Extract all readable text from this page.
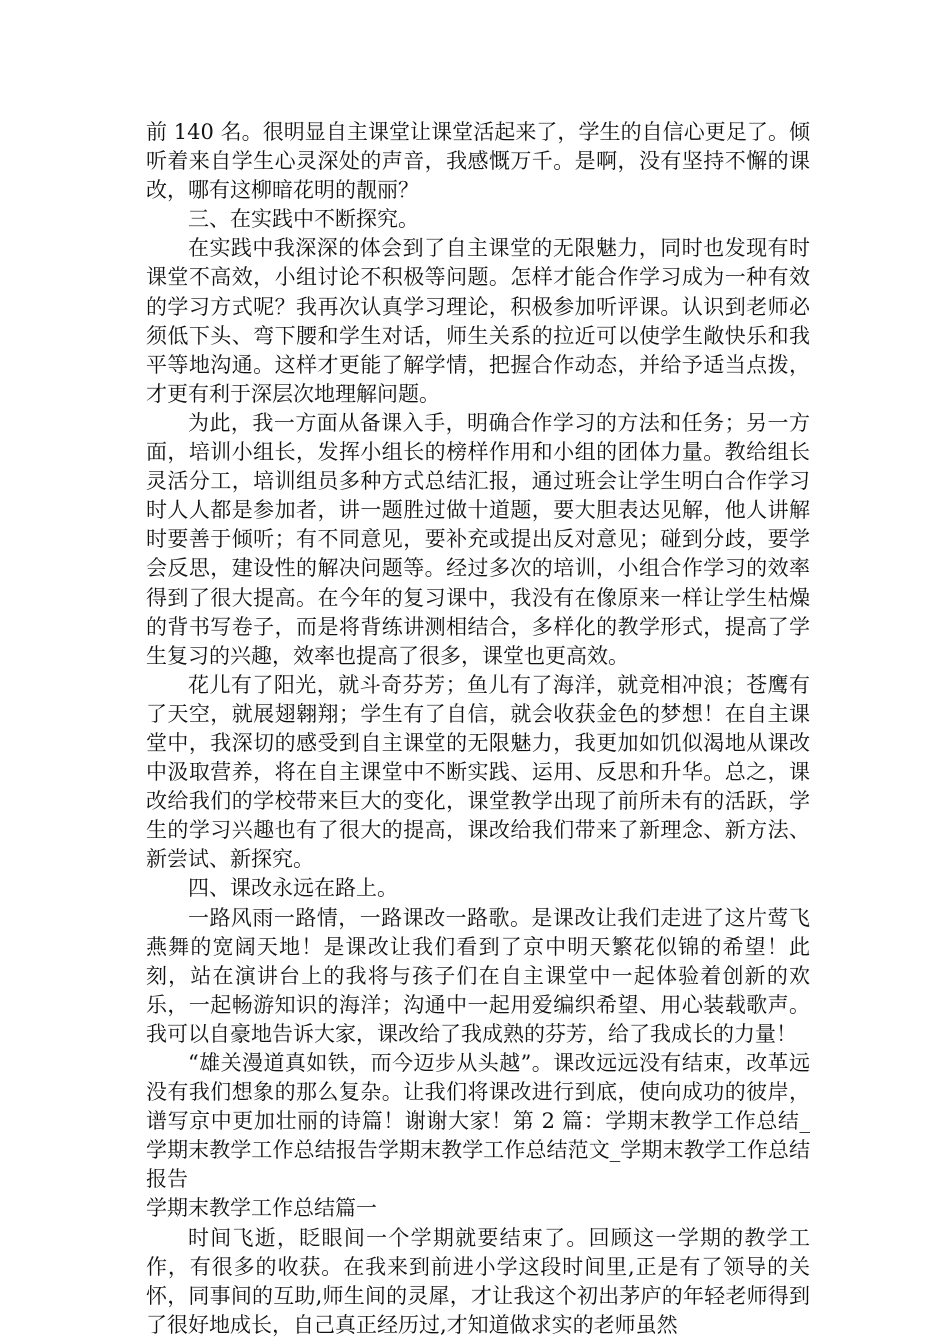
前 140 名。很明显自主课堂让课堂活起来了，学生的自信心更足了。倾听着来自学生心灵深处的声音，我感慨万千。是啊，没有坚持不懈的课改，哪有这柳暗花明的靓丽？

三、在实践中不断探究。

在实践中我深深的体会到了自主课堂的无限魅力，同时也发现有时课堂不高效，小组讨论不积极等问题。怎样才能合作学习成为一种有效的学习方式呢？我再次认真学习理论，积极参加听评课。认识到老师必须低下头、弯下腰和学生对话，师生关系的拉近可以使学生敞快乐和我平等地沟通。这样才更能了解学情，把握合作动态，并给予适当点拨，才更有利于深层次地理解问题。

为此，我一方面从备课入手，明确合作学习的方法和任务；另一方面，培训小组长，发挥小组长的榜样作用和小组的团体力量。教给组长灵活分工，培训组员多种方式总结汇报，通过班会让学生明白合作学习时人人都是参加者，讲一题胜过做十道题，要大胆表达见解，他人讲解时要善于倾听；有不同意见，要补充或提出反对意见；碰到分歧，要学会反思，建设性的解决问题等。经过多次的培训，小组合作学习的效率得到了很大提高。在今年的复习课中，我没有在像原来一样让学生枯燥的背书写卷子，而是将背练讲测相结合，多样化的教学形式，提高了学生复习的兴趣，效率也提高了很多，课堂也更高效。

花儿有了阳光，就斗奇芬芳；鱼儿有了海洋，就竞相冲浪；苍鹰有了天空，就展翅翱翔；学生有了自信，就会收获金色的梦想！在自主课堂中，我深切的感受到自主课堂的无限魅力，我更加如饥似渴地从课改中汲取营养，将在自主课堂中不断实践、运用、反思和升华。总之，课改给我们的学校带来巨大的变化，课堂教学出现了前所未有的活跃，学生的学习兴趣也有了很大的提高，课改给我们带来了新理念、新方法、新尝试、新探究。

四、课改永远在路上。

一路风雨一路情，一路课改一路歌。是课改让我们走进了这片莺飞燕舞的宽阔天地！是课改让我们看到了京中明天繁花似锦的希望！此刻，站在演讲台上的我将与孩子们在自主课堂中一起体验着创新的欢乐，一起畅游知识的海洋；沟通中一起用爱编织希望、用心装载歌声。我可以自豪地告诉大家，课改给了我成熟的芬芳，给了我成长的力量！

“雄关漫道真如铁，而今迈步从头越”。课改远远没有结束，改革远没有我们想象的那么复杂。让我们将课改进行到底，使向成功的彼岸，谱写京中更加壮丽的诗篇！谢谢大家！第 2 篇：学期末教学工作总结_学期末教学工作总结报告学期末教学工作总结范文_学期末教学工作总结报告

学期末教学工作总结篇一

时间飞逝，眨眼间一个学期就要结束了。回顾这一学期的教学工作，有很多的收获。在我来到前进小学这段时间里,正是有了领导的关怀，同事间的互助,师生间的灵犀，才让我这个初出茅庐的年轻老师得到了很好地成长，自己真正经历过,才知道做求实的老师虽然
